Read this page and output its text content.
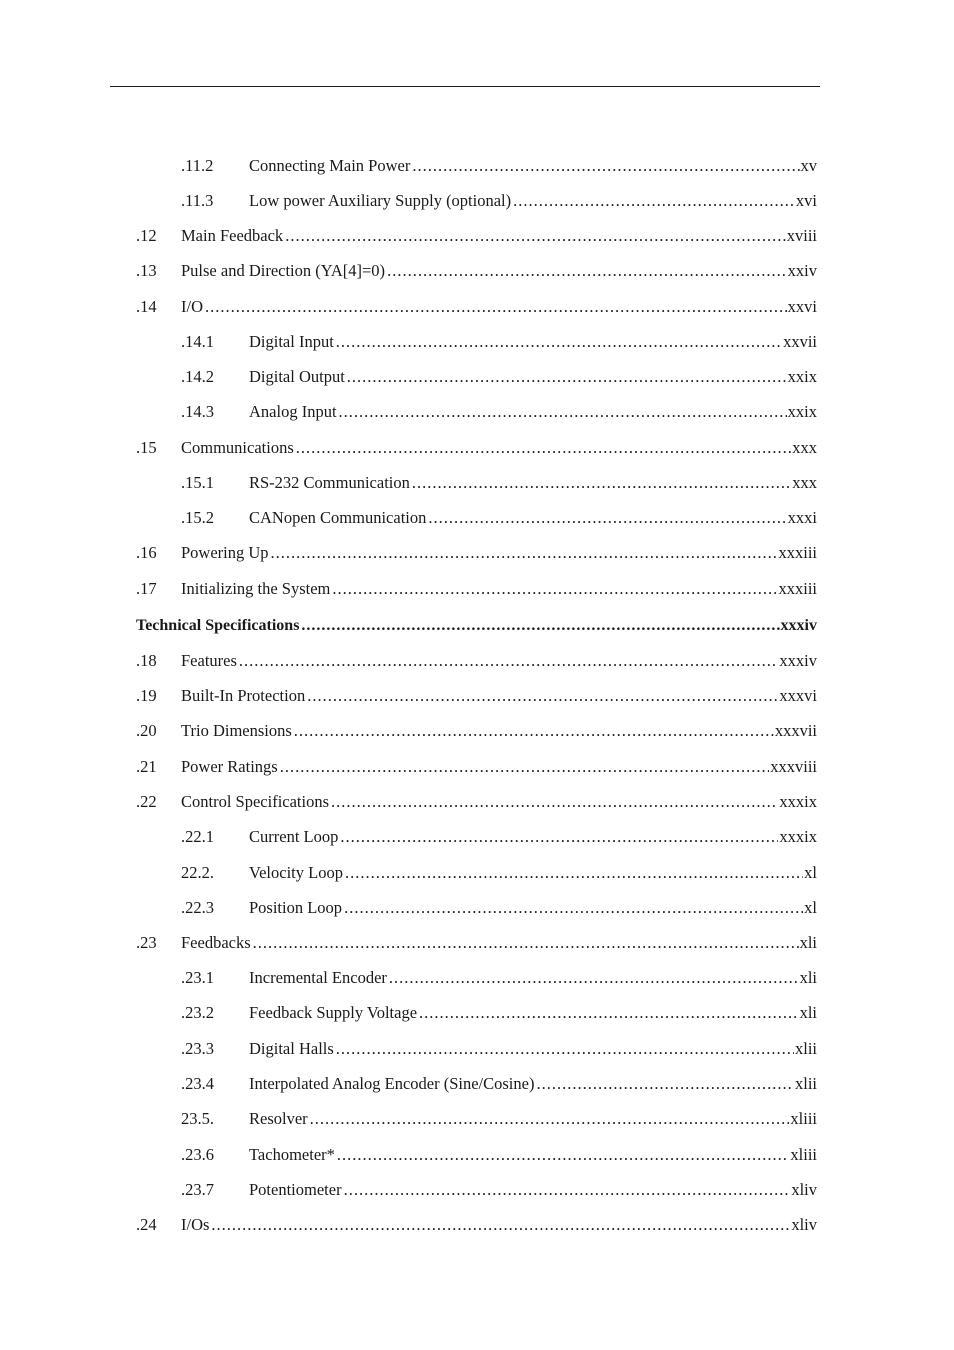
.11.2 Connecting Main Power .....	xv
.11.3 Low power Auxiliary Supply (optional) .....	xvi
.12 Main Feedback .....	xviii
.13 Pulse and Direction (YA[4]=0) .....	xxiv
.14 I/O .....	xxvi
.14.1 Digital Input .....	xxvii
.14.2 Digital Output .....	xxix
.14.3 Analog Input .....	xxix
.15 Communications .....	xxx
.15.1 RS-232 Communication .....	xxx
.15.2 CANopen Communication .....	xxxi
.16 Powering Up .....	xxxiii
.17 Initializing the System .....	xxxiii
Technical Specifications .....	xxxiv
.18 Features .....	xxxiv
.19 Built-In Protection .....	xxxvi
.20 Trio Dimensions .....	xxxvii
.21 Power Ratings .....	xxxviii
.22 Control Specifications .....	xxxix
.22.1 Current Loop .....	xxxix
22.2. Velocity Loop .....	xl
.22.3 Position Loop .....	xl
.23 Feedbacks .....	xli
.23.1 Incremental Encoder .....	xli
.23.2 Feedback Supply Voltage .....	xli
.23.3 Digital Halls .....	xlii
.23.4 Interpolated Analog Encoder (Sine/Cosine) .....	xlii
23.5. Resolver .....	xliii
.23.6 Tachometer* .....	xliii
.23.7 Potentiometer .....	xliv
.24 I/Os .....	xliv
